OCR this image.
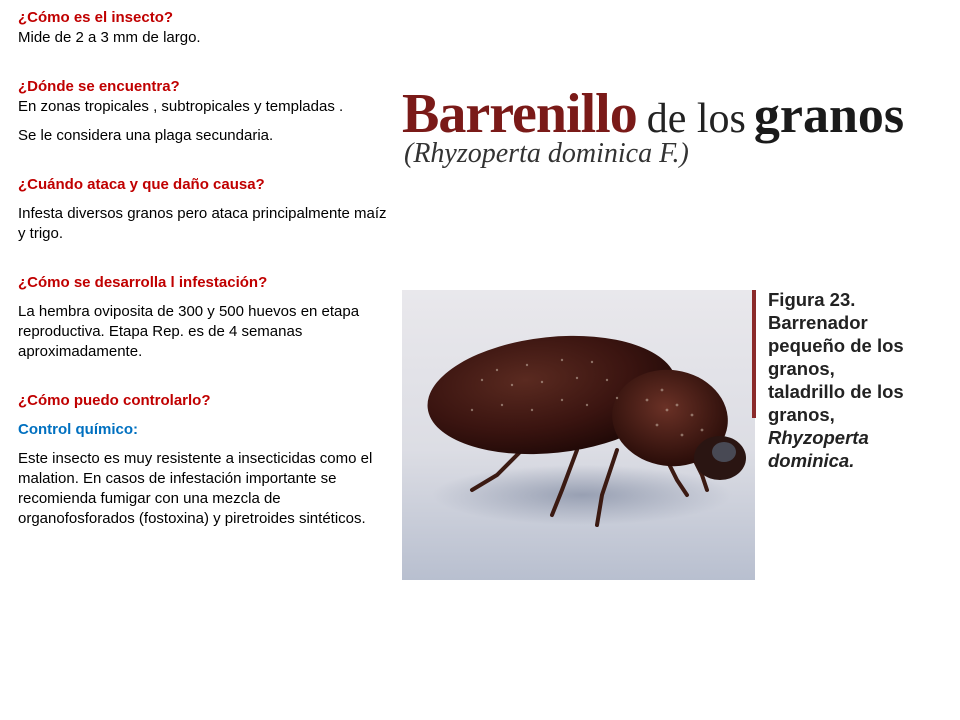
¿Cómo es el insecto?

Mide de 2 a 3 mm de largo.

¿Dónde se encuentra?

En zonas tropicales , subtropicales y templadas .

Se le considera una plaga secundaria.

¿Cuándo ataca y que daño causa?

Infesta diversos granos pero ataca principalmente maíz y trigo.

¿Cómo se desarrolla l infestación?

La hembra oviposita de 300 y 500 huevos en etapa reproductiva. Etapa Rep. es de 4 semanas aproximadamente.

¿Cómo puedo controlarlo?

Control químico:

Este insecto es muy resistente a insecticidas como el malation. En casos de infestación importante se recomienda fumigar con una mezcla de organofosforados (fostoxina) y piretroides sintéticos.

Barrenillo de los granos
(Rhyzoperta dominica F.)

Figura 23. Barrenador

pequeño de los granos,

taladrillo de los granos,

Rhyzoperta dominica.
